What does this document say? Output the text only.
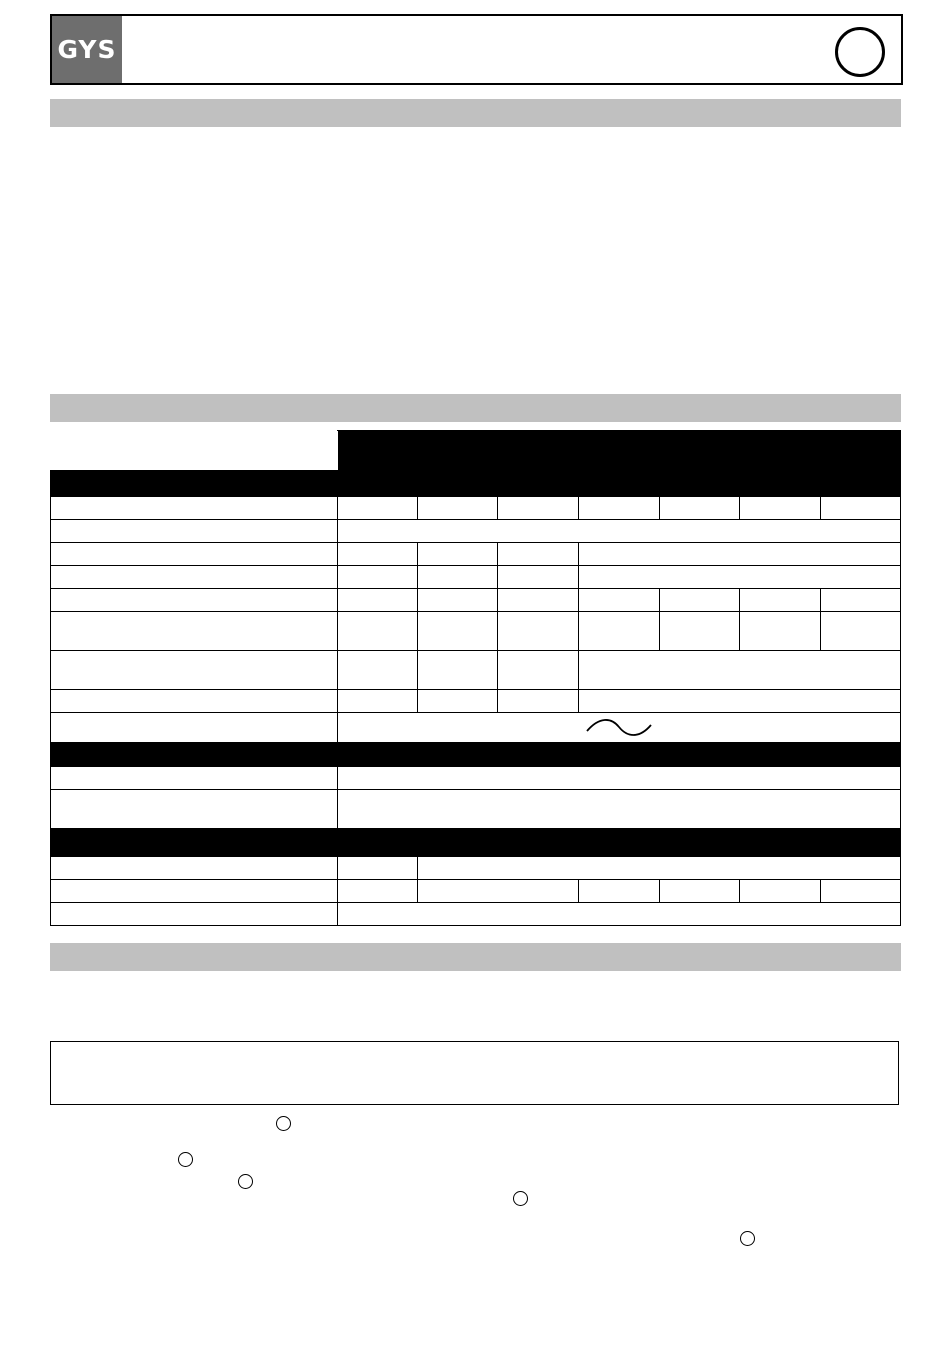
GYS
